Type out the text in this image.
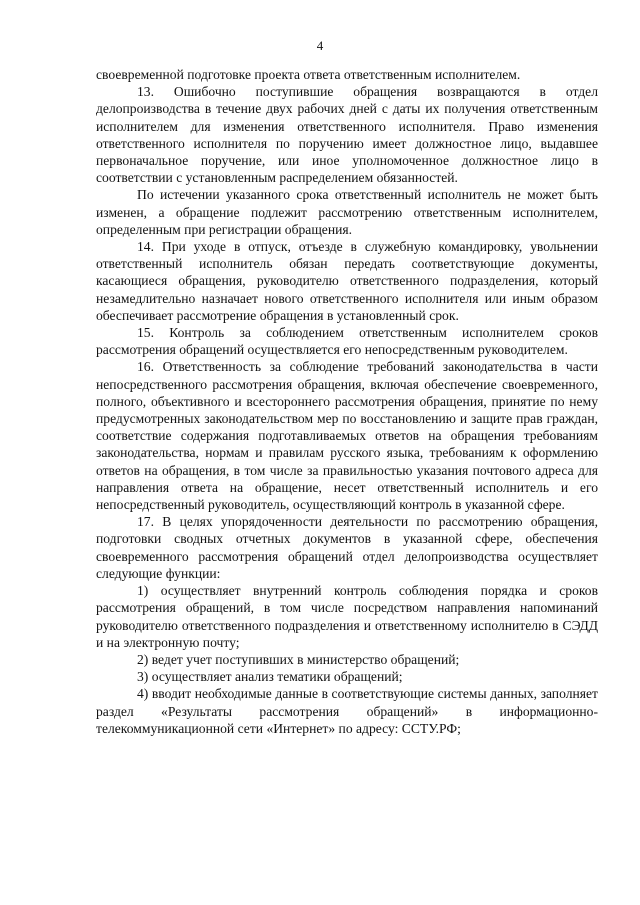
4

своевременной подготовке проекта ответа ответственным исполнителем.

13. Ошибочно поступившие обращения возвращаются в отдел делопроизводства в течение двух рабочих дней с даты их получения ответственным исполнителем для изменения ответственного исполнителя. Право изменения ответственного исполнителя по поручению имеет должностное лицо, выдавшее первоначальное поручение, или иное уполномоченное должностное лицо в соответствии с установленным распределением обязанностей.

По истечении указанного срока ответственный исполнитель не может быть изменен, а обращение подлежит рассмотрению ответственным исполнителем, определенным при регистрации обращения.

14. При уходе в отпуск, отъезде в служебную командировку, увольнении ответственный исполнитель обязан передать соответствующие документы, касающиеся обращения, руководителю ответственного подразделения, который незамедлительно назначает нового ответственного исполнителя или иным образом обеспечивает рассмотрение обращения в установленный срок.

15. Контроль за соблюдением ответственным исполнителем сроков рассмотрения обращений осуществляется его непосредственным руководителем.

16. Ответственность за соблюдение требований законодательства в части непосредственного рассмотрения обращения, включая обеспечение своевременного, полного, объективного и всестороннего рассмотрения обращения, принятие по нему предусмотренных законодательством мер по восстановлению и защите прав граждан, соответствие содержания подготавливаемых ответов на обращения требованиям законодательства, нормам и правилам русского языка, требованиям к оформлению ответов на обращения, в том числе за правильностью указания почтового адреса для направления ответа на обращение, несет ответственный исполнитель и его непосредственный руководитель, осуществляющий контроль в указанной сфере.

17. В целях упорядоченности деятельности по рассмотрению обращения, подготовки сводных отчетных документов в указанной сфере, обеспечения своевременного рассмотрения обращений отдел делопроизводства осуществляет следующие функции:

1) осуществляет внутренний контроль соблюдения порядка и сроков рассмотрения обращений, в том числе посредством направления напоминаний руководителю ответственного подразделения и ответственному исполнителю в СЭДД и на электронную почту;

2) ведет учет поступивших в министерство обращений;

3) осуществляет анализ тематики обращений;

4) вводит необходимые данные в соответствующие системы данных, заполняет раздел «Результаты рассмотрения обращений» в информационно-телекоммуникационной сети «Интернет» по адресу: ССТУ.РФ;
